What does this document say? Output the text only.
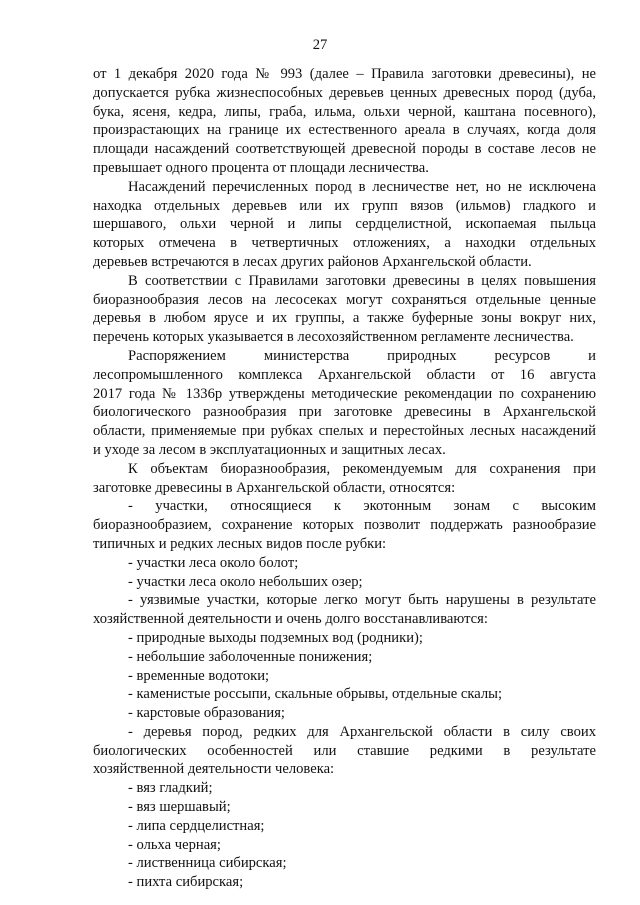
27
от 1 декабря 2020 года № 993 (далее – Правила заготовки древесины), не
допускается рубка жизнеспособных деревьев ценных древесных пород (дуба,
бука, ясеня, кедра, липы, граба, ильма, ольхи черной, каштана посевного),
произрастающих на границе их естественного ареала в случаях, когда доля
площади насаждений соответствующей древесной породы в составе лесов не
превышает одного процента от площади лесничества.
Насаждений перечисленных пород в лесничестве нет, но не исключена
находка отдельных деревьев или их групп вязов (ильмов) гладкого и
шершавого, ольхи черной и липы сердцелистной, ископаемая пыльца
которых отмечена в четвертичных отложениях, а находки отдельных
деревьев встречаются в лесах других районов Архангельской области.
В соответствии с Правилами заготовки древесины в целях повышения
биоразнообразия лесов на лесосеках могут сохраняться отдельные ценные
деревья в любом ярусе и их группы, а также буферные зоны вокруг них,
перечень которых указывается в лесохозяйственном регламенте лесничества.
Распоряжением министерства природных ресурсов и
лесопромышленного комплекса Архангельской области от 16 августа
2017 года № 1336р утверждены методические рекомендации по сохранению
биологического разнообразия при заготовке древесины в Архангельской
области, применяемые при рубках спелых и перестойных лесных насаждений
и уходе за лесом в эксплуатационных и защитных лесах.
К объектам биоразнообразия, рекомендуемым для сохранения при
заготовке древесины в Архангельской области, относятся:
- участки, относящиеся к экотонным зонам с высоким
биоразнообразием, сохранение которых позволит поддержать разнообразие
типичных и редких лесных видов после рубки:
- участки леса около болот;
- участки леса около небольших озер;
- уязвимые участки, которые легко могут быть нарушены в результате
хозяйственной деятельности и очень долго восстанавливаются:
- природные выходы подземных вод (родники);
- небольшие заболоченные понижения;
- временные водотоки;
- каменистые россыпи, скальные обрывы, отдельные скалы;
- карстовые образования;
- деревья пород, редких для Архангельской области в силу своих
биологических особенностей или ставшие редкими в результате
хозяйственной деятельности человека:
- вяз гладкий;
- вяз шершавый;
- липа сердцелистная;
- ольха черная;
- лиственница сибирская;
- пихта сибирская;
